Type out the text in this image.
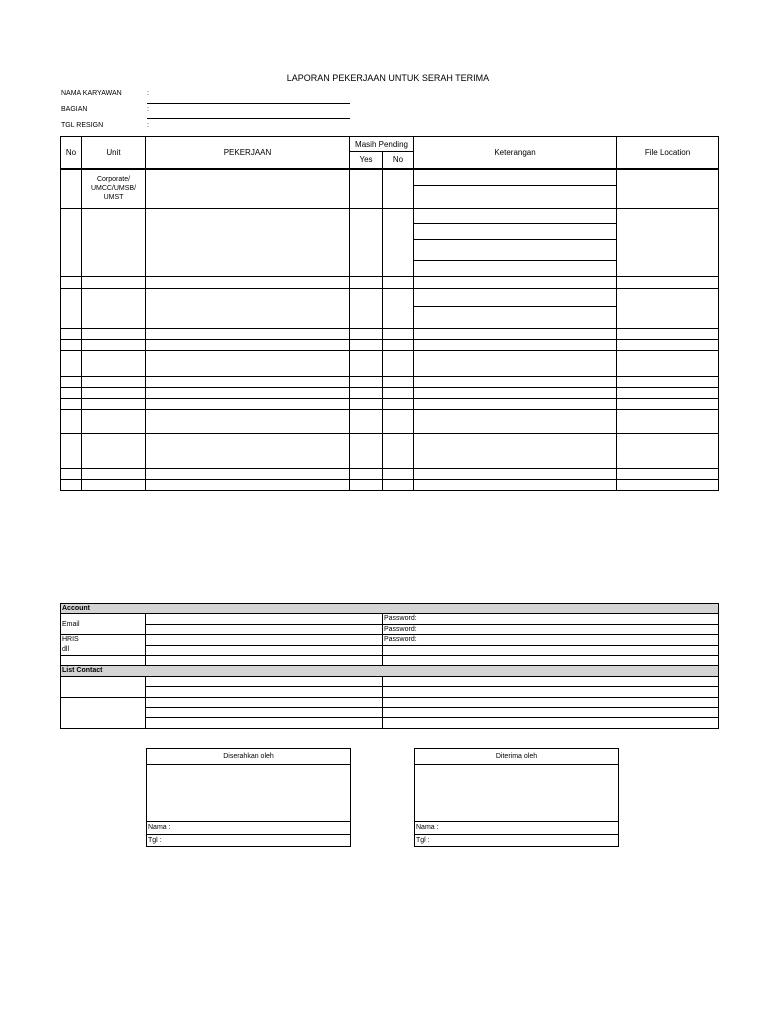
LAPORAN PEKERJAAN UNTUK SERAH TERIMA
NAMA KARYAWAN	:
BAGIAN	:
TGL RESIGN	:
No	Unit	PEKERJAAN	Masih Pending		Keterangan	File Location
			Yes	No		
	Corporate/ UMCC/UMSB/ UMST				

Account		
Email		Password:
		Password:
HRIS		Password:
dll		

List Contact		

Diserahkan oleh
Nama :
Tgl :
Diterima oleh
Nama :
Tgl :
